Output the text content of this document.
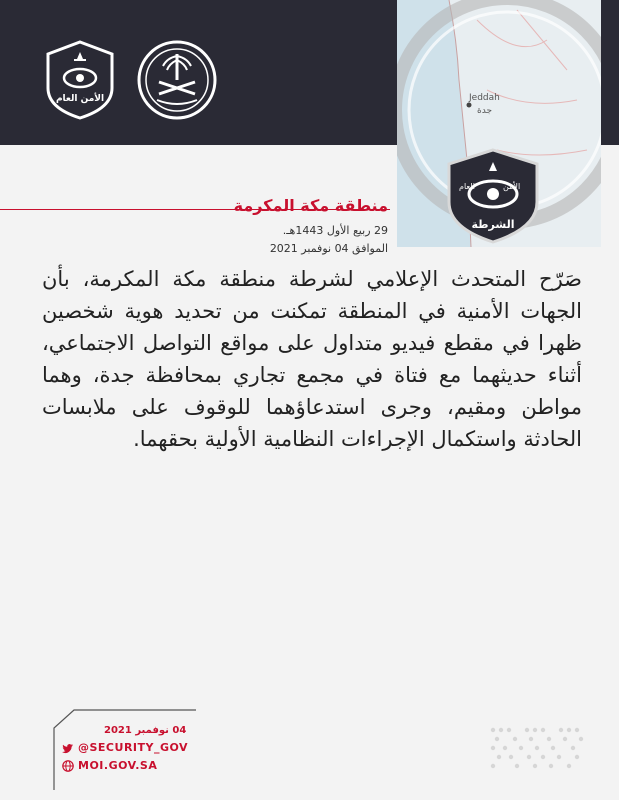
الأمن العام	Jeddah
جدة
الأمن
العام
الشرطة
منطقة مكة المكرمة
29 ربيع الأول 1443هـ.
الموافق 04 نوفمبر 2021
صَرّح المتحدث الإعلامي لشرطة منطقة مكة المكرمة، بأن الجهات الأمنية في المنطقة تمكنت من تحديد هوية شخصين ظهرا في مقطع فيديو متداول على مواقع التواصل الاجتماعي، أثناء حديثهما مع فتاة في مجمع تجاري بمحافظة جدة، وهما مواطن ومقيم، وجرى استدعاؤهما للوقوف على ملابسات الحادثة واستكمال الإجراءات النظامية الأولية بحقهما.
04 نوفمبر 2021
@SECURITY_GOV
MOI.GOV.SA
